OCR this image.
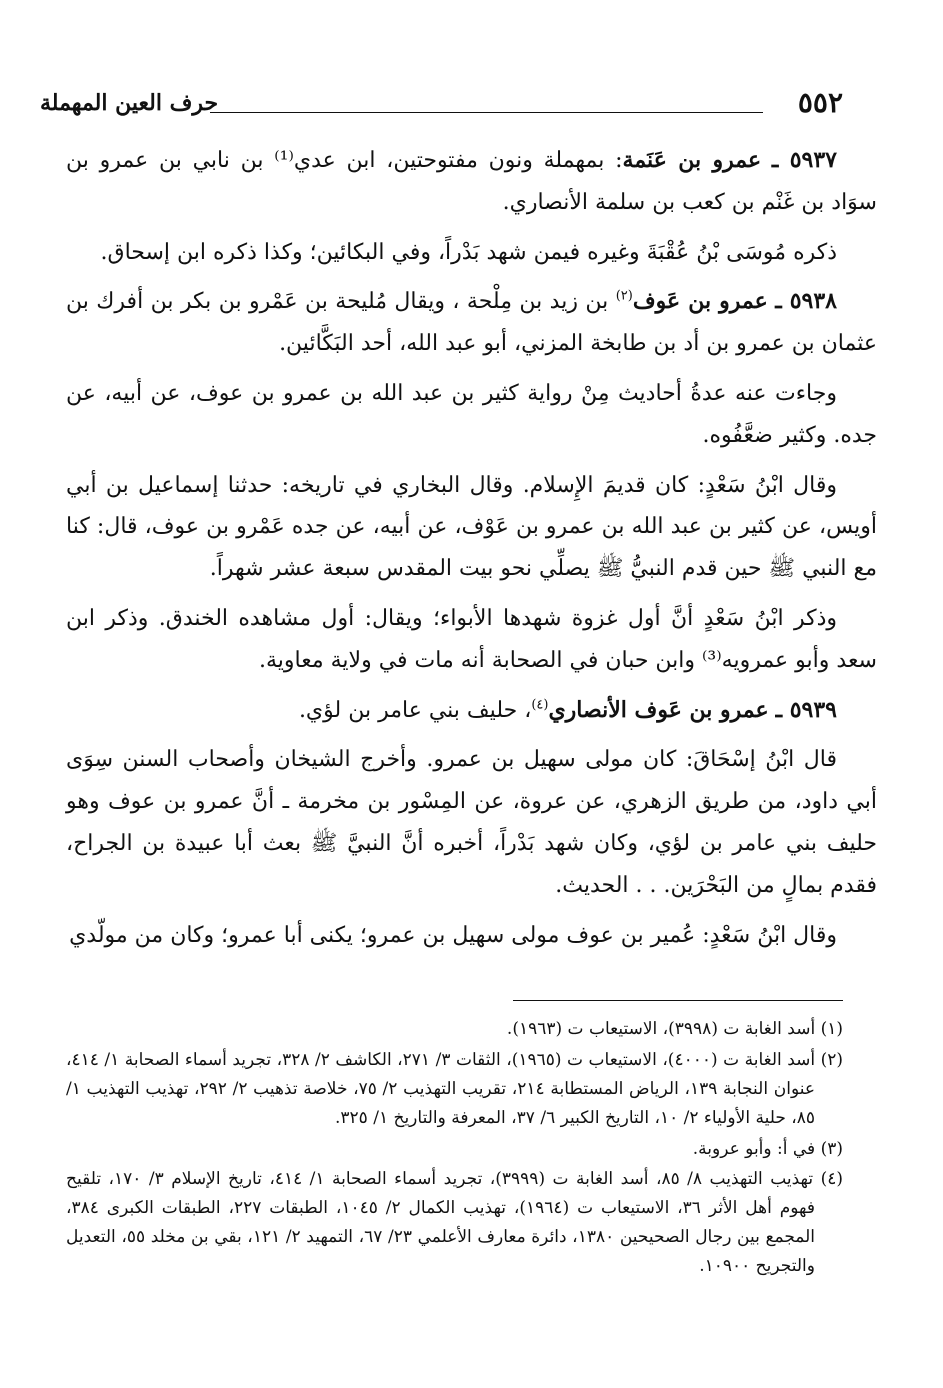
٥٥٢
حرف العين المهملة

٥٩٣٧ ـ عمرو بن عَنَمة: بمهملة ونون مفتوحتين، ابن عدي⁽¹⁾ بن نابي بن عمرو بن سوَاد بن غَنْم بن كعب بن سلمة الأنصاري.

ذكره مُوسَى بْنُ عُقْبَةَ وغيره فيمن شهد بَدْراً، وفي البكائين؛ وكذا ذكره ابن إسحاق.

٥٩٣٨ ـ عمرو بن عَوف$^{(٢)}$ بن زيد بن مِلْحة ، ويقال مُليحة بن عَمْرو بن بكر بن أفرك بن عثمان بن عمرو بن أد بن طابخة المزني، أبو عبد الله، أحد البَكَّائين.

وجاءت عنه عدةُ أحاديث مِنْ رواية كثير بن عبد الله بن عمرو بن عوف، عن أبيه، عن جده. وكثير ضعَّفُوه.

وقال ابْنُ سَعْدٍ: كان قديمَ الإِسلام. وقال البخاري في تاريخه: حدثنا إسماعيل بن أبي أويس، عن كثير بن عبد الله بن عمرو بن عَوْف، عن أبيه، عن جده عَمْرو بن عوف، قال: كنا مع النبي ﷺ حين قدم النبيُّ ﷺ يصلِّي نحو بيت المقدس سبعة عشر شهراً.

وذكر ابْنُ سَعْدٍ أنَّ أول غزوة شهدها الأبواء؛ ويقال: أول مشاهده الخندق. وذكر ابن سعد وأبو عمرويه⁽³⁾ وابن حبان في الصحابة أنه مات في ولاية معاوية.

٥٩٣٩ ـ عمرو بن عَوف الأنصاري$^{(٤)}$، حليف بني عامر بن لؤي.

قال ابْنُ إسْحَاقَ: كان مولى سهيل بن عمرو. وأخرج الشيخان وأصحاب السنن سِوَى أبي داود، من طريق الزهري، عن عروة، عن المِسْور بن مخرمة ـ أنَّ عمرو بن عوف وهو حليف بني عامر بن لؤي، وكان شهد بَدْراً، أخبره أنَّ النبيَّ ﷺ بعث أبا عبيدة بن الجراح، فقدم بمالٍ من البَحْرَين. . . الحديث.

وقال ابْنُ سَعْدٍ: عُمير بن عوف مولى سهيل بن عمرو؛ يكنى أبا عمرو؛ وكان من مولّدي

(١) أسد الغابة ت (٣٩٩٨)، الاستيعاب ت (١٩٦٣).

(٢) أسد الغابة ت (٤٠٠٠)، الاستيعاب ت (١٩٦٥)، الثقات ٣/ ٢٧١، الكاشف ٢/ ٣٢٨، تجريد أسماء الصحابة ١/ ٤١٤، عنوان النجابة ١٣٩، الرياض المستطابة ٢١٤، تقريب التهذيب ٢/ ٧٥، خلاصة تذهيب ٢/ ٢٩٢، تهذيب التهذيب ١/ ٨٥، حلية الأولياء ٢/ ١٠، التاريخ الكبير ٦/ ٣٧، المعرفة والتاريخ ١/ ٣٢٥.

(٣) في أ: وأبو عروبة.

(٤) تهذيب التهذيب ٨/ ٨٥، أسد الغابة ت (٣٩٩٩)، تجريد أسماء الصحابة ١/ ٤١٤، تاريخ الإسلام ٣/ ١٧٠، تلقيح فهوم أهل الأثر ٣٦، الاستيعاب ت (١٩٦٤)، تهذيب الكمال ٢/ ١٠٤٥، الطبقات ٢٢٧، الطبقات الكبرى ٣٨٤، المجمع بين رجال الصحيحين ١٣٨٠، دائرة معارف الأعلمي ٢٣/ ٦٧، التمهيد ٢/ ١٢١، بقي بن مخلد ٥٥، التعديل والتجريح ١٠٩٠٠.
